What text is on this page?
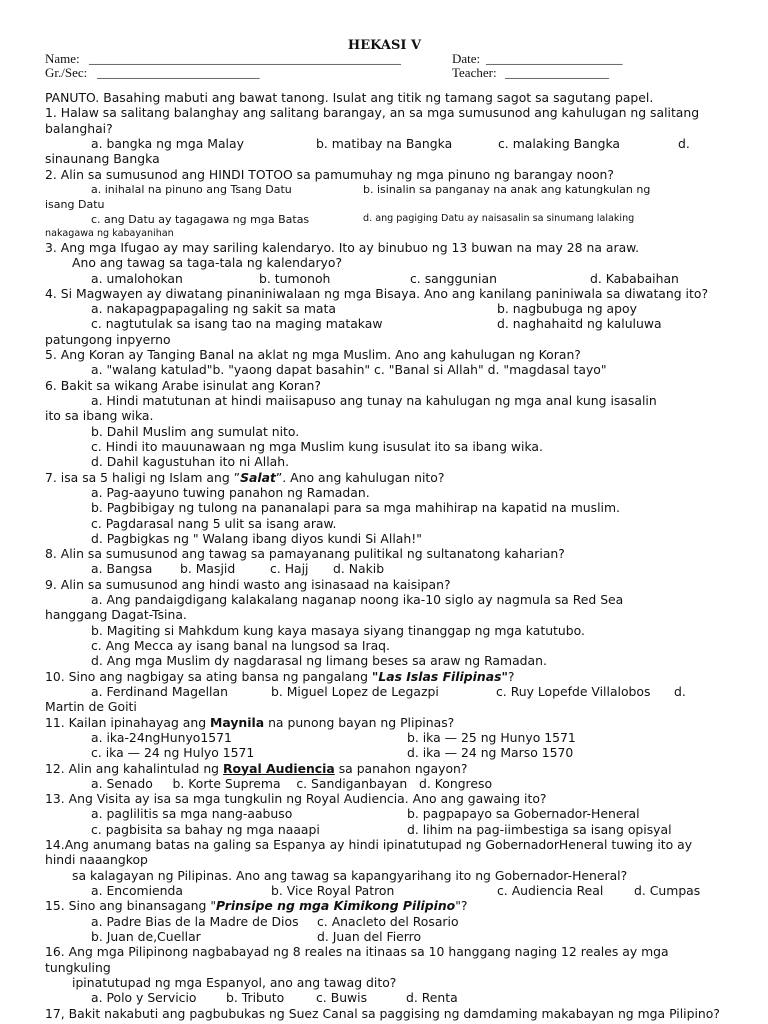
HEKASI V
Name: ________________________________________________	Date: _____________________
Gr./Sec: _________________________	Teacher: ________________

PANUTO. Basahing mabuti ang bawat tanong. Isulat ang titik ng tamang sagot sa sagutang papel.

1. Halaw sa salitang balanghay ang salitang barangay, an sa mga sumusunod ang kahulugan ng salitang balanghai?

a. bangka ng mga Malay	b. matibay na Bangka	c. malaking Bangka	d.

sinaunang Bangka

2. Alin sa sumusunod ang HINDI TOTOO sa pamumuhay ng mga pinuno ng barangay noon?

a. inihalal na pinuno ang Tsang Datu	b. isinalin sa panganay na anak ang katungkulan ng

isang Datu

c. ang Datu ay tagagawa ng mga Batas	d. ang pagiging Datu ay naisasalin sa sinumang lalaking

nakagawa ng kabayanihan

3. Ang mga Ifugao ay may sariling kalendaryo. Ito ay binubuo ng 13 buwan na may 28 na araw.

Ano ang tawag sa taga-tala ng kalendaryo?

a. umalohokan	b. tumonoh	c. sanggunian	d. Kababaihan

4. Si Magwayen ay diwatang pinaniniwalaan ng mga Bisaya. Ano ang kanilang paniniwala sa diwatang ito?

a. nakapagpapagaling ng sakit sa mata	b. nagbubuga ng apoy
c. nagtutulak sa isang tao na maging matakaw	d. naghahaitd ng kaluluwa

patungong inpyerno

5. Ang Koran ay Tanging Banal na aklat ng mga Muslim. Ano ang kahulugan ng Koran?

a. "walang katulad"b. "yaong dapat basahin" c. "Banal si Allah" d. "magdasal tayo"

6. Bakit sa wikang Arabe isinulat ang Koran?

a. Hindi matutunan at hindi maiisapuso ang tunay na kahulugan ng mga anal kung isasalin

ito sa ibang wika.

b. Dahil Muslim ang sumulat nito.

c. Hindi ito mauunawaan ng mga Muslim kung isusulat ito sa ibang wika.

d. Dahil kagustuhan ito ni Allah.

7. isa sa 5 haligi ng Islam ang ”Salat”. Ano ang kahulugan nito?

a. Pag-aayuno tuwing panahon ng Ramadan.

b. Pagbibigay ng tulong na pananalapi para sa mga mahihirap na kapatid na muslim.

c. Pagdarasal nang 5 ulit sa isang araw.

d. Pagbigkas ng " Walang ibang diyos kundi Si Allah!"

8. Alin sa sumusunod ang tawag sa pamayanang pulitikal ng sultanatong kaharian?

a. Bangsa	b. Masjid	c. Hajj	d. Nakib

9. Alin sa sumusunod ang hindi wasto ang isinasaad na kaisipan?

a. Ang pandaigdigang kalakalang naganap noong ika-10 siglo ay nagmula sa Red Sea

hanggang Dagat-Tsina.

b. Magiting si Mahkdum kung kaya masaya siyang tinanggap ng mga katutubo.

c. Ang Mecca ay isang banal na lungsod sa Iraq.

d. Ang mga Muslim dy nagdarasal ng limang beses sa araw ng Ramadan.

10. Sino ang nagbigay sa ating bansa ng pangalang "Las Islas Filipinas"?

a. Ferdinand Magellan	b. Miguel Lopez de Legazpi	c. Ruy Lopefde Villalobos	d.

Martin de Goiti

11. Kailan ipinahayag ang Maynila na punong bayan ng Plipinas?

a. ika-24ngHunyo1571	b. ika — 25 ng Hunyo 1571
c. ika — 24 ng Hulyo 1571	d. ika — 24 ng Marso 1570

12. Alin ang kahalintulad ng Royal Audiencia sa panahon ngayon?

a. Senado     b. Korte Suprema    c. Sandiganbayan   d. Kongreso

13. Ang Visita ay isa sa mga tungkulin ng Royal Audiencia. Ano ang gawaing ito?

a. paglilitis sa mga nang-aabuso	b. pagpapayo sa Gobernador-Heneral
c. pagbisita sa bahay ng mga naaapi	d. lihim na pag-iimbestiga sa isang opisyal

14.Ang anumang batas na galing sa Espanya ay hindi ipinatutupad ng GobernadorHeneral tuwing ito ay hindi naaangkop

sa kalagayan ng Pilipinas. Ano ang tawag sa kapangyarihang ito ng Gobernador-Heneral?

a. Encomienda	b. Vice Royal Patron	c. Audiencia Real	d. Cumpas

15. Sino ang binansagang "Prinsipe ng mga Kimikong Pilipino"?

a. Padre Bias de la Madre de Dios	c. Anacleto del Rosario
b. Juan de,Cuellar	d. Juan del Fierro

16. Ang mga Pilipinong nagbabayad ng 8 reales na itinaas sa 10 hanggang naging 12 reales ay mga tungkuling

ipinatutupad ng mga Espanyol, ano ang tawag dito?

a. Polo y Servicio	b. Tributo	c. Buwis	d. Renta

17, Bakit nakabuti ang pagbubukas ng Suez Canal sa paggising ng damdaming makabayan ng mga Pilipino?
